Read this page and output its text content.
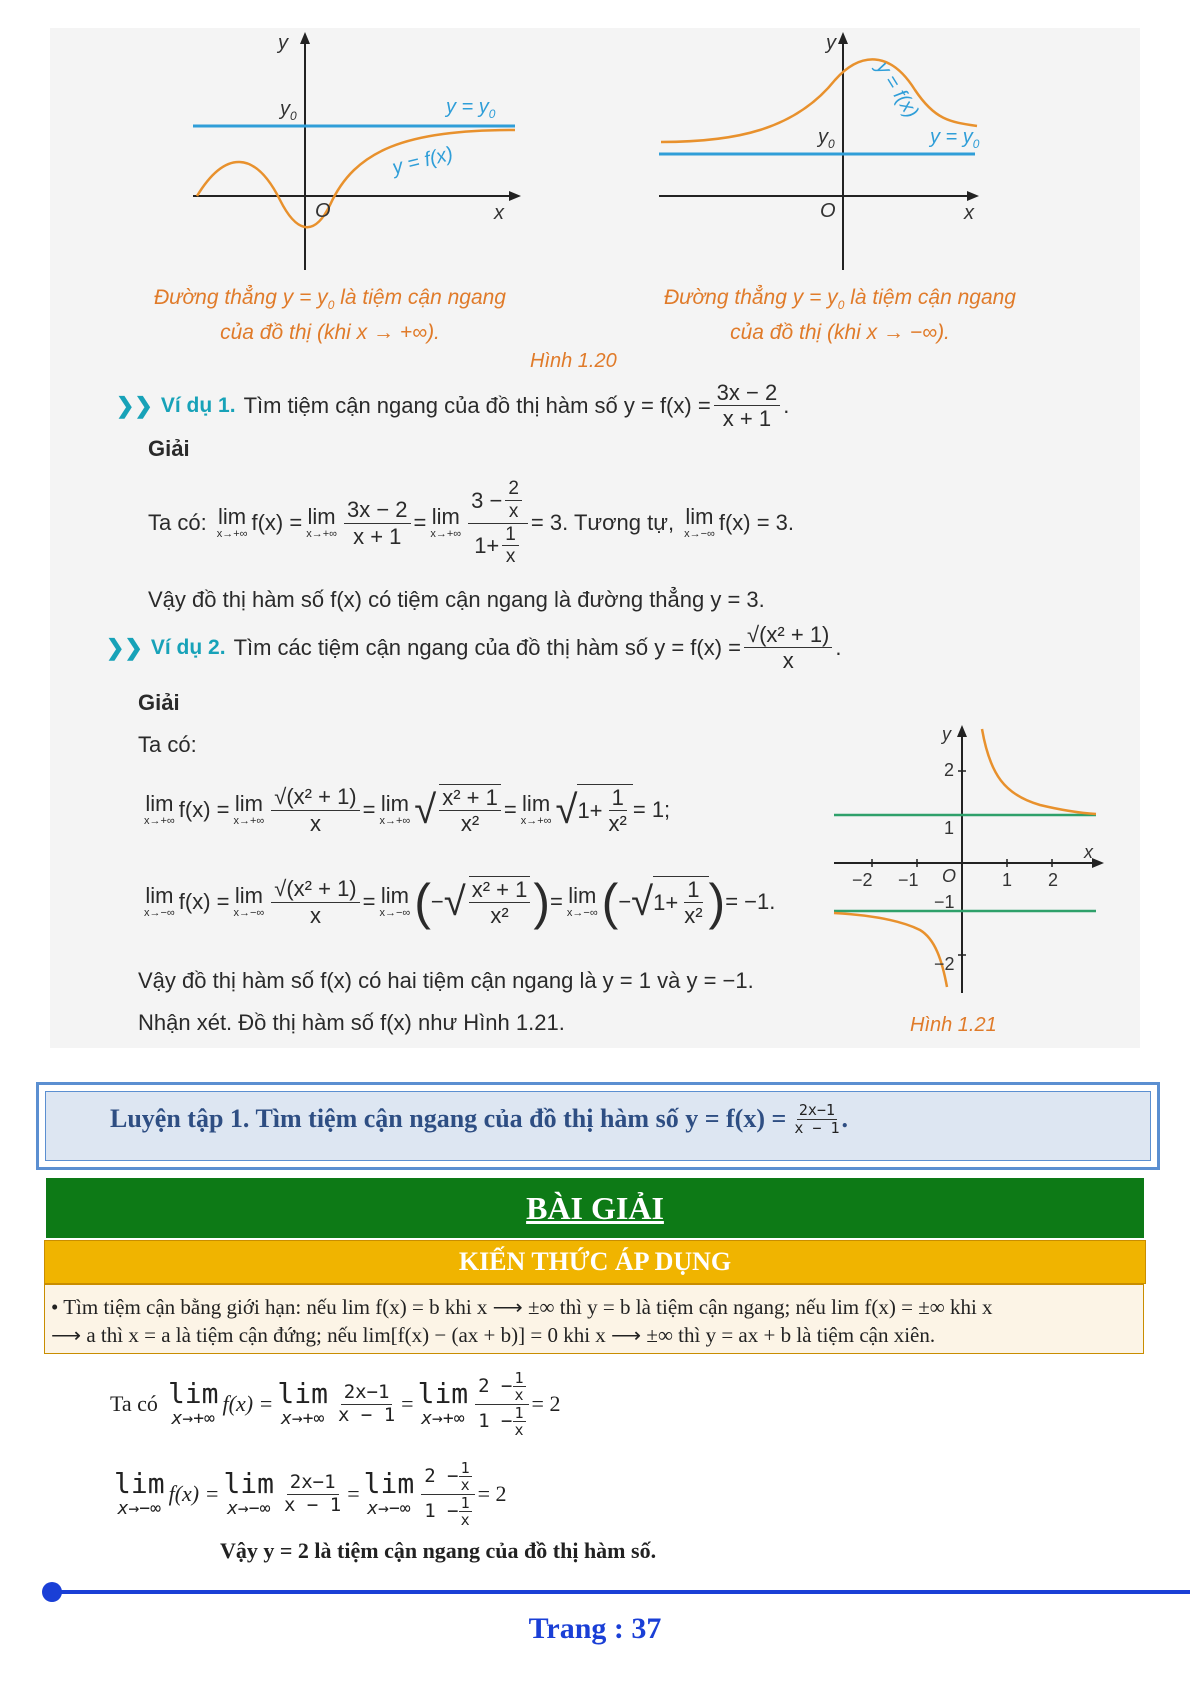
y
x
O
$y_0$	$y = y_0$
y = f(x)
Đường thẳng $y = y_0$ là tiệm cận ngang
của đồ thị (khi x → +∞).
y
x
O
$y_0$	$y = y_0$
y = f(x)
Đường thẳng $y = y_0$ là tiệm cận ngang
của đồ thị (khi x → −∞).
Hình 1.20
❯❯ Ví dụ 1. Tìm tiệm cận ngang của đồ thị hàm số $y = f(x) = \frac{3x - 2}{x + 1}$ .
Giải
Ta có: lim
x→+∞ f(x) = lim
$x\to+\infty \frac{3x - 2}{x + 1} = \lim$
$x\to+\infty \frac{3 - \frac{2}{x}}{1+ \frac{1}{x}} = 3$. Tương tự, lim
x→−∞ f(x) = 3.
Vậy đồ thị hàm số f(x) có tiệm cận ngang là đường thẳng y = 3.
❯❯ Ví dụ 2. Tìm các tiệm cận ngang của đồ thị hàm số $y = f(x) = \frac{\text{√(x² + 1)}}{x}$ .
Giải
Ta có:
lim
x→+∞ f(x) = lim
$x\to+\infty \frac{\text{√(x² + 1)}}{x} = \lim$
x→+∞ √ $\frac{\text{x² + 1}}{\text{x²}} = \lim$
x→+∞ √ $1+ \frac{1}{\text{x²}} = 1$;
lim
x→−∞ f(x) = lim
$x\to-\infty \frac{\text{√(x² + 1)}}{x} = \lim$
x→−∞ ( − √ $\frac{\text{x² + 1}}{\text{x²}}$ ) = lim
x→−∞ ( − √ $1+ \frac{1}{\text{x²}}$ ) = −1.
Vậy đồ thị hàm số f(x) có hai tiệm cận ngang là y = 1 và y = −1.
Nhận xét. Đồ thị hàm số f(x) như Hình 1.21.
y
x
O
2
1
−1
−2
−2 −1	1 2
Hình 1.21
Luyện tập 1. Tìm tiệm cận ngang của đồ thị hàm số $y = f(x) = \frac{2x-1}{x - 1}$ .
BÀI GIẢI
KIẾN THỨC ÁP DỤNG
• Tìm tiệm cận bằng giới hạn: nếu lim f(x) = b khi x ⟶ ±∞ thì y = b là tiệm cận ngang; nếu lim f(x) = ±∞ khi x
⟶ a thì x = a là tiệm cận đứng; nếu lim[f(x) − (ax + b)] = 0 khi x ⟶ ±∞ thì y = ax + b là tiệm cận xiên.
Ta có lim
x→+∞
f(x) = lim
$x\to+\infty \frac{2x-1}{x - 1} = \lim$
$x\to+\infty \frac{2 - \frac{1}{x}}{1 - \frac{1}{x}} = 2$
lim
x→−∞
f(x) = lim
$x\to-\infty \frac{2x-1}{x - 1} = \lim$
$x\to-\infty \frac{2 - \frac{1}{x}}{1 - \frac{1}{x}} = 2$
Vậy y = 2 là tiệm cận ngang của đồ thị hàm số.
Trang : 37
